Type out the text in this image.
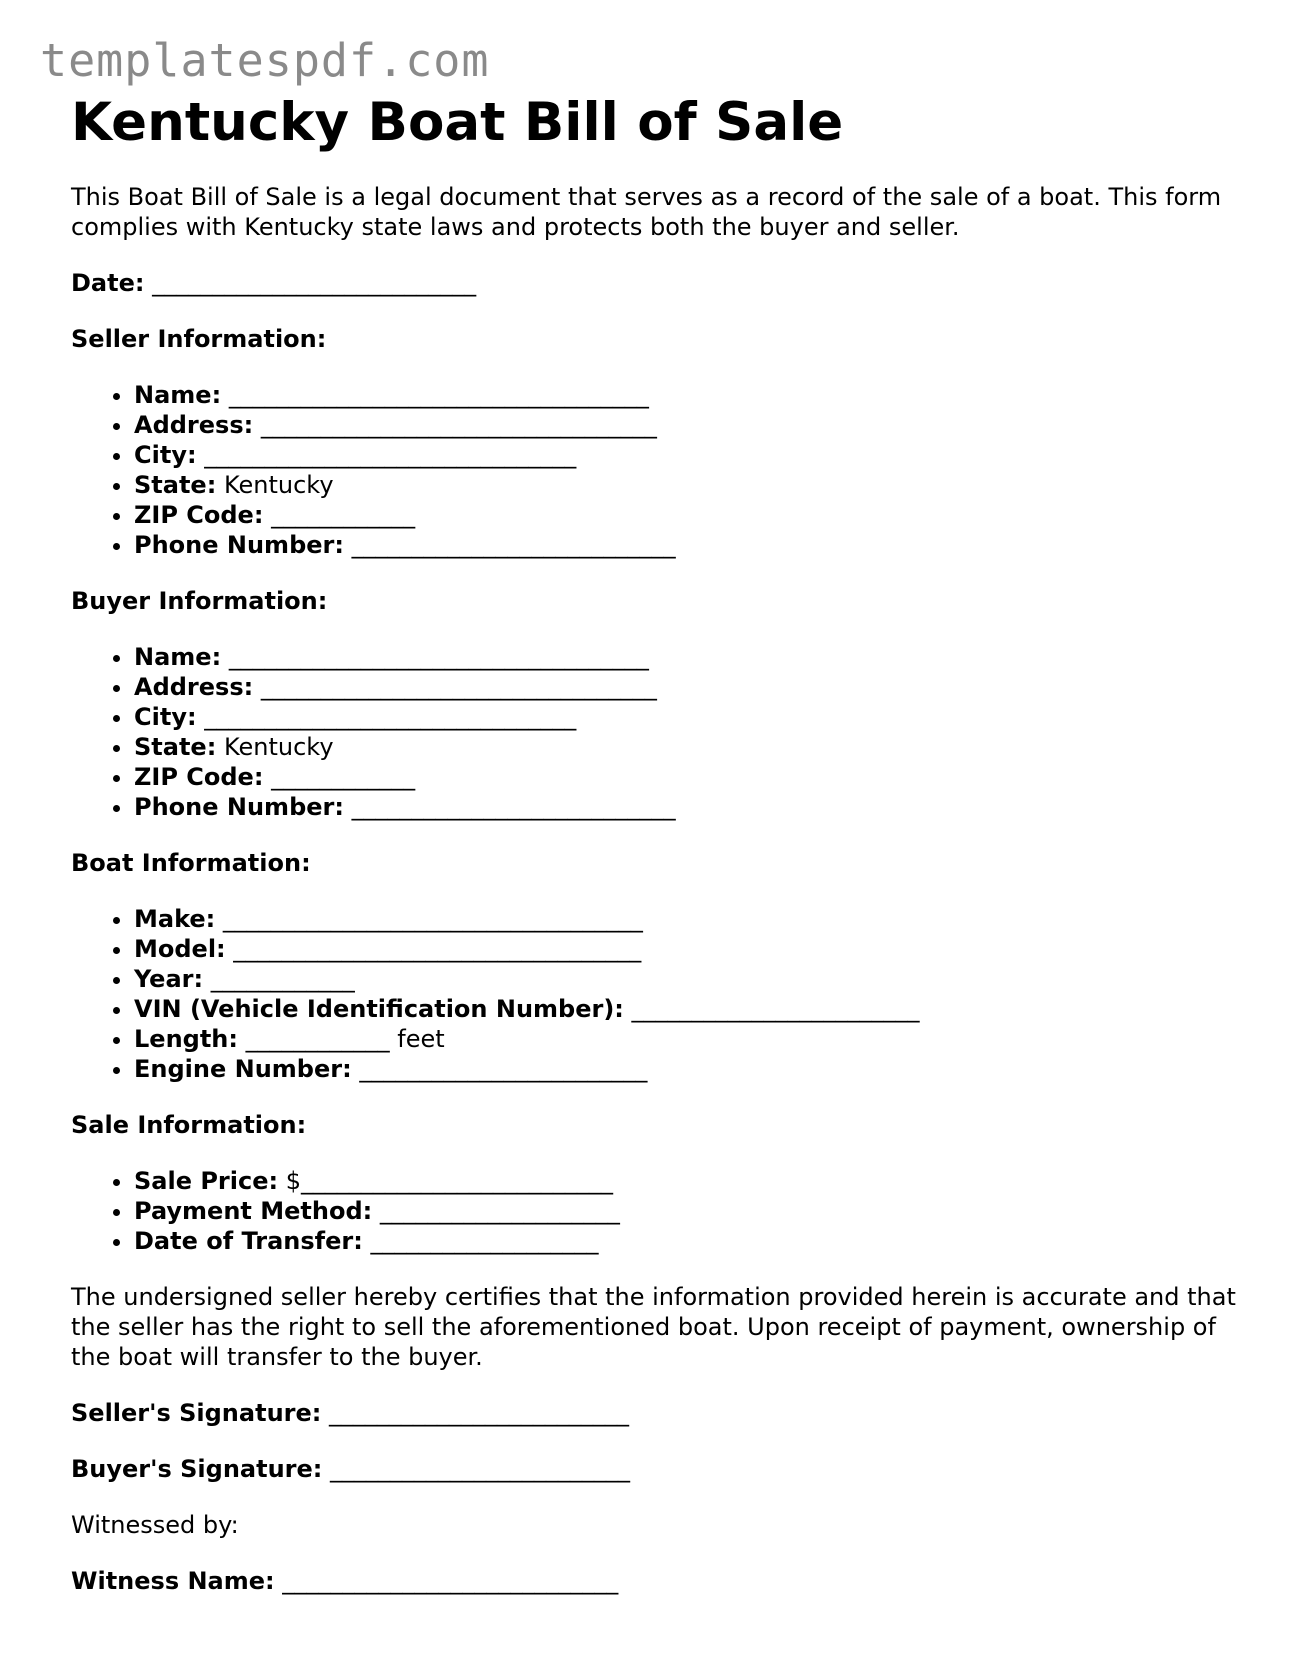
templatespdf.com
Kentucky Boat Bill of Sale

This Boat Bill of Sale is a legal document that serves as a record of the sale of a boat. This form complies with Kentucky state laws and protects both the buyer and seller.

Date: ___________________________
Seller Information:
• Name: ___________________________________
• Address: _________________________________
• City: _______________________________
• State: Kentucky
• ZIP Code: ____________
• Phone Number: ___________________________
Buyer Information:
• Name: ___________________________________
• Address: _________________________________
• City: _______________________________
• State: Kentucky
• ZIP Code: ____________
• Phone Number: ___________________________
Boat Information:
• Make: ___________________________________
• Model: __________________________________
• Year: ____________
• VIN (Vehicle Identification Number): ________________________
• Length: ____________ feet
• Engine Number: ________________________
Sale Information:
• Sale Price: $__________________________
• Payment Method: ____________________
• Date of Transfer: ___________________

The undersigned seller hereby certifies that the information provided herein is accurate and that the seller has the right to sell the aforementioned boat. Upon receipt of payment, ownership of the boat will transfer to the buyer.

Seller's Signature: _________________________
Buyer's Signature: _________________________

Witnessed by:

Witness Name: ____________________________
